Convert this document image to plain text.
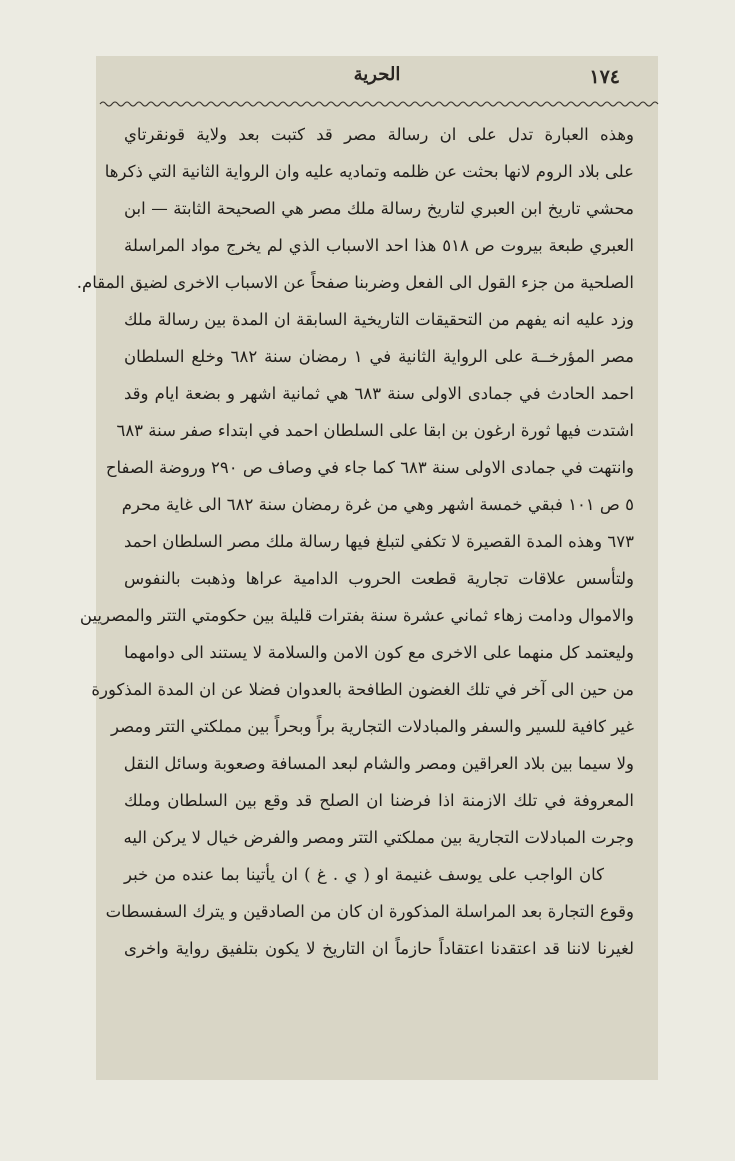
١٧٤
الحرية
وهذه العبارة تدل على ان رسالة مصر قد كتبت بعد ولاية قونقرتاي
على بلاد الروم لانها بحثت عن ظلمه وتماديه عليه وان الرواية الثانية التي ذكرها
محشي تاريخ ابن العبري لتاريخ رسالة ملك مصر هي الصحيحة الثابتة — ابن
العبري طبعة بيروت ص ٥١٨ هذا احد الاسباب الذي لم يخرج مواد المراسلة
الصلحية من جزء القول الى الفعل وضربنا صفحاً عن الاسباب الاخرى لضيق المقام.
وزد عليه انه يفهم من التحقيقات التاريخية السابقة ان المدة بين رسالة ملك
مصر المؤرخــة على الرواية الثانية في ١ رمضان سنة ٦٨٢ وخلع السلطان
احمد الحادث في جمادى الاولى سنة ٦٨٣ هي ثمانية اشهر و بضعة ايام وقد
اشتدت فيها ثورة ارغون بن ابقا على السلطان احمد في ابتداء صفر سنة ٦٨٣
وانتهت في جمادى الاولى سنة ٦٨٣ كما جاء في وصاف ص ٢٩٠ وروضة الصفاح
٥ ص ١٠١ فبقي خمسة اشهر وهي من غرة رمضان سنة ٦٨٢ الى غاية محرم
٦٧٣ وهذه المدة القصيرة لا تكفي لتبلغ فيها رسالة ملك مصر السلطان احمد
ولتأسس علاقات تجارية قطعت الحروب الدامية عراها وذهبت بالنفوس
والاموال ودامت زهاء ثماني عشرة سنة بفترات قليلة بين حكومتي التتر والمصريين
وليعتمد كل منهما على الاخرى مع كون الامن والسلامة لا يستند الى دوامهما
من حين الى آخر في تلك الغضون الطافحة بالعدوان فضلا عن ان المدة المذكورة
غير كافية للسير والسفر والمبادلات التجارية براً وبحراً بين مملكتي التتر ومصر
ولا سيما بين بلاد العراقين ومصر والشام لبعد المسافة وصعوبة وسائل النقل
المعروفة في تلك الازمنة اذا فرضنا ان الصلح قد وقع بين السلطان وملك
وجرت المبادلات التجارية بين مملكتي التتر ومصر والفرض خيال لا يركن اليه
كان الواجب على يوسف غنيمة او ( ي . غ ) ان يأتينا بما عنده من خبر
وقوع التجارة بعد المراسلة المذكورة ان كان من الصادقين و يترك السفسطات
لغيرنا لاننا قد اعتقدنا اعتقاداً حازماً ان التاريخ لا يكون بتلفيق رواية واخرى
